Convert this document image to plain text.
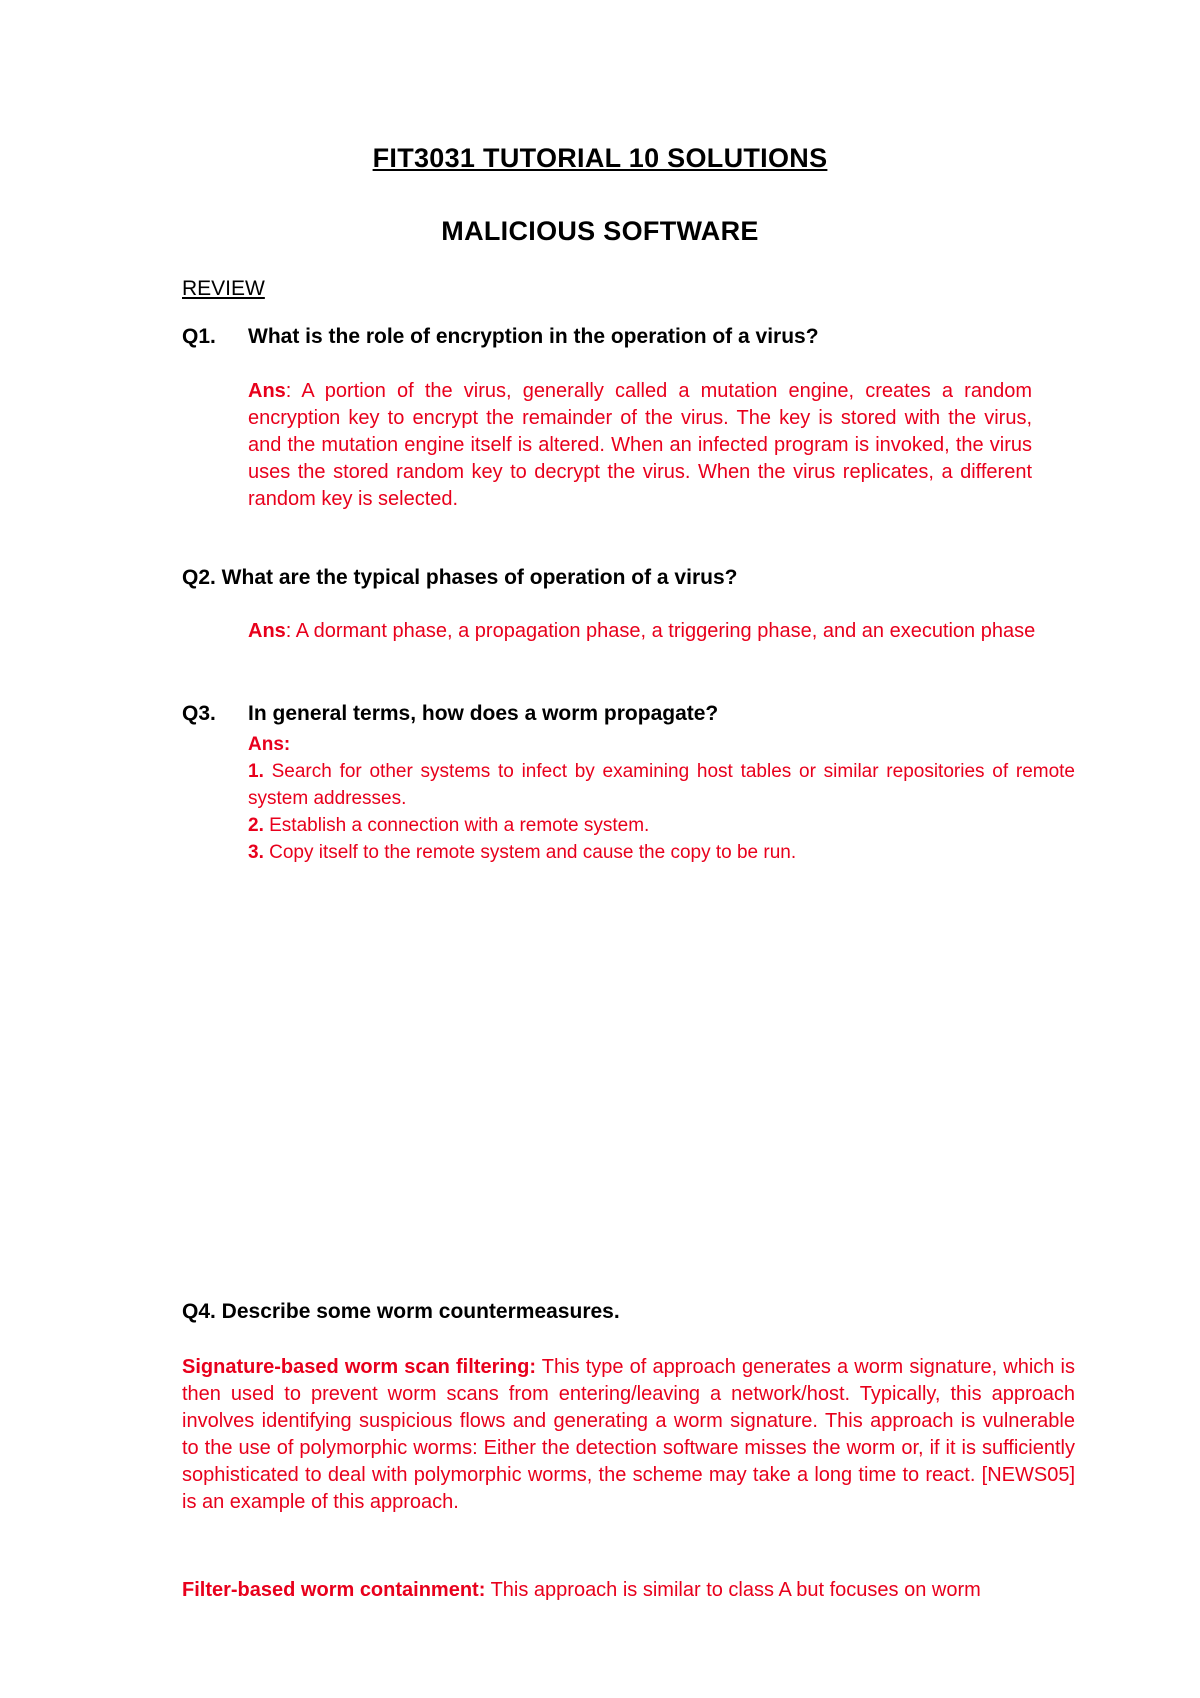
FIT3031 TUTORIAL 10 SOLUTIONS
MALICIOUS SOFTWARE
REVIEW
Q1. What is the role of encryption in the operation of a virus?
Ans: A portion of the virus, generally called a mutation engine, creates a random encryption key to encrypt the remainder of the virus. The key is stored with the virus, and the mutation engine itself is altered. When an infected program is invoked, the virus uses the stored random key to decrypt the virus. When the virus replicates, a different random key is selected.
Q2. What are the typical phases of operation of a virus?
Ans: A dormant phase, a propagation phase, a triggering phase, and an execution phase
Q3. In general terms, how does a worm propagate?
Ans:
1. Search for other systems to infect by examining host tables or similar repositories of remote system addresses.
2. Establish a connection with a remote system.
3. Copy itself to the remote system and cause the copy to be run.
Q4. Describe some worm countermeasures.
Signature-based worm scan filtering: This type of approach generates a worm signature, which is then used to prevent worm scans from entering/leaving a network/host. Typically, this approach involves identifying suspicious flows and generating a worm signature. This approach is vulnerable to the use of polymorphic worms: Either the detection software misses the worm or, if it is sufficiently sophisticated to deal with polymorphic worms, the scheme may take a long time to react. [NEWS05] is an example of this approach.
Filter-based worm containment: This approach is similar to class A but focuses on worm
